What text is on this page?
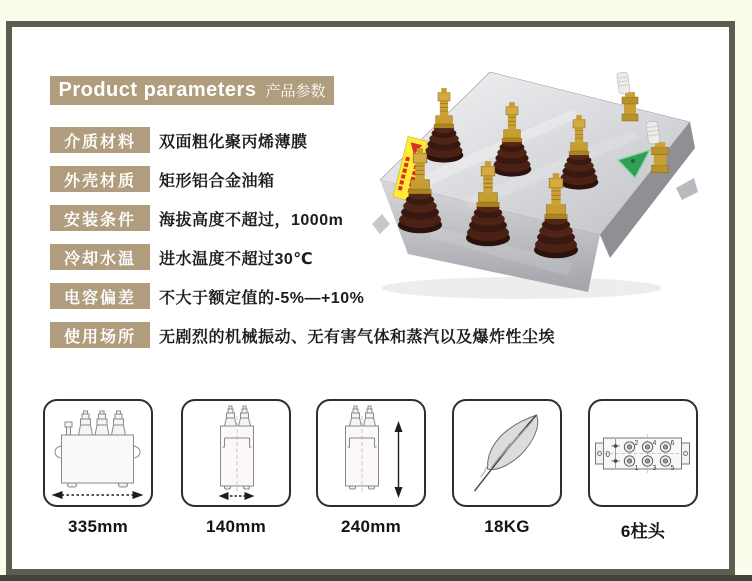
Product parameters 产品参数
介质材料	双面粗化聚丙烯薄膜
外壳材质	矩形铝合金油箱
安装条件	海拔高度不超过，1000m
冷却水温	进水温度不超过30℃
电容偏差	不大于额定值的-5%—+10%
使用场所	无剧烈的机械振动、无有害气体和蒸汽以及爆炸性尘埃
335mm	140mm	240mm	18KG
0
2 4 6
1 3 5
6柱头
